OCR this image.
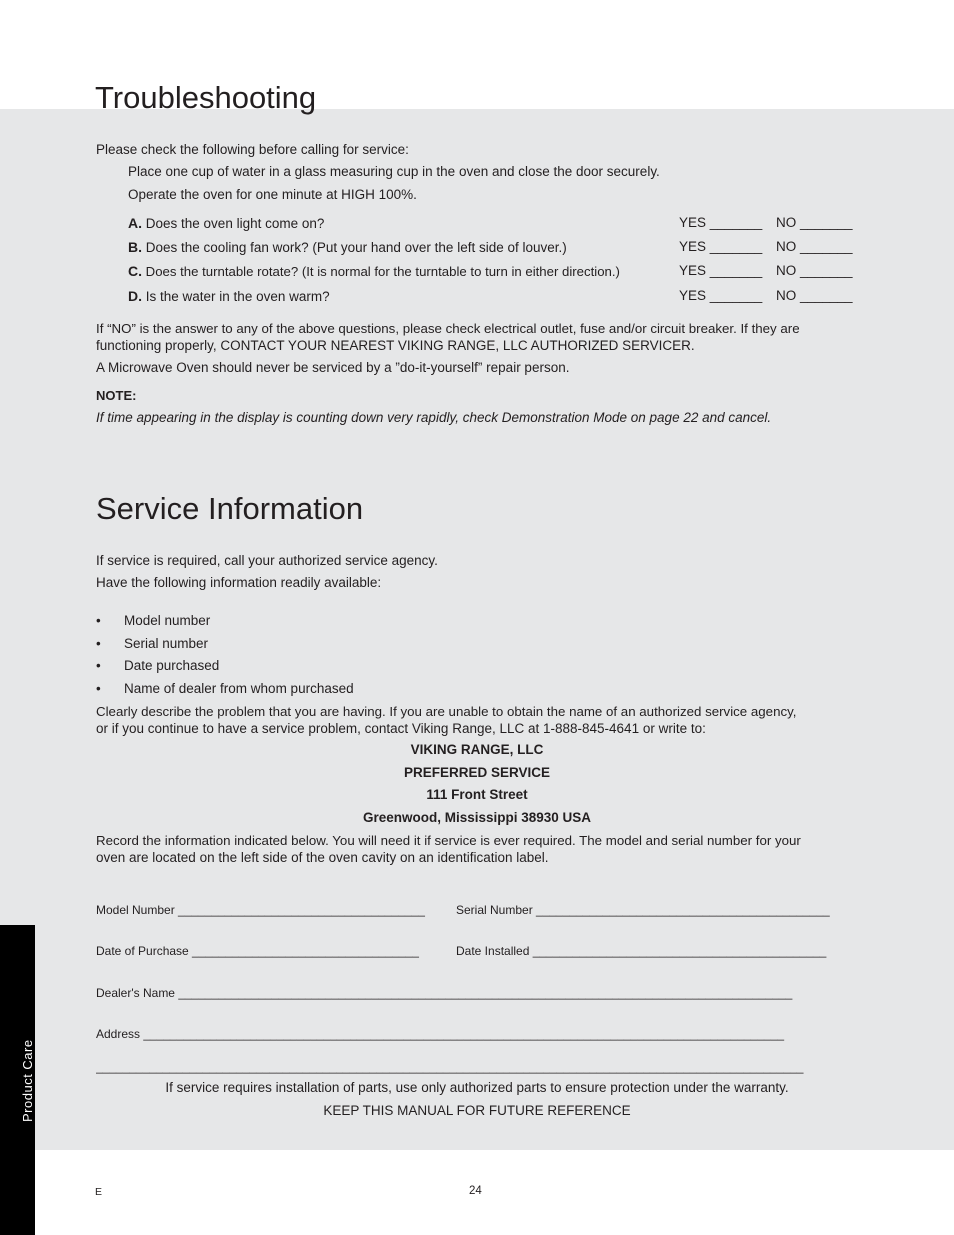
Product Care
Troubleshooting
Please check the following before calling for service:
Place one cup of water in a glass measuring cup in the oven and close the door securely.
Operate the oven for one minute at HIGH 100%.
A. Does the oven light come on?	YES _______ NO _______
B. Does the cooling fan work? (Put your hand over the left side of louver.)	YES _______ NO _______
C. Does the turntable rotate? (It is normal for the turntable to turn in either direction.)	YES _______ NO _______
D. Is the water in the oven warm?	YES _______ NO _______
If “NO” is the answer to any of the above questions, please check electrical outlet, fuse and/or circuit breaker. If they are
functioning properly, CONTACT YOUR NEAREST VIKING RANGE, LLC AUTHORIZED SERVICER.
A Microwave Oven should never be serviced by a ”do-it-yourself” repair person.
NOTE:
If time appearing in the display is counting down very rapidly, check Demonstration Mode on page 22 and cancel.
Service Information
If service is required, call your authorized service agency.
Have the following information readily available:
• Model number
• Serial number
• Date purchased
• Name of dealer from whom purchased
Clearly describe the problem that you are having. If you are unable to obtain the name of an authorized service agency,
or if you continue to have a service problem, contact Viking Range, LLC at 1-888-845-4641 or write to:
VIKING RANGE, LLC
PREFERRED SERVICE
111 Front Street
Greenwood, Mississippi 38930 USA
Record the information indicated below. You will need it if service is ever required. The model and serial number for your
oven are located on the left side of the oven cavity on an identification label.
Model Number _____________________________________	Serial Number ____________________________________________
Date of Purchase __________________________________	Date Installed ____________________________________________
Dealer's Name ____________________________________________________________________________________________
Address ________________________________________________________________________________________________
__________________________________________________________________________________________________________
If service requires installation of parts, use only authorized parts to ensure protection under the warranty.
KEEP THIS MANUAL FOR FUTURE REFERENCE
E	24
